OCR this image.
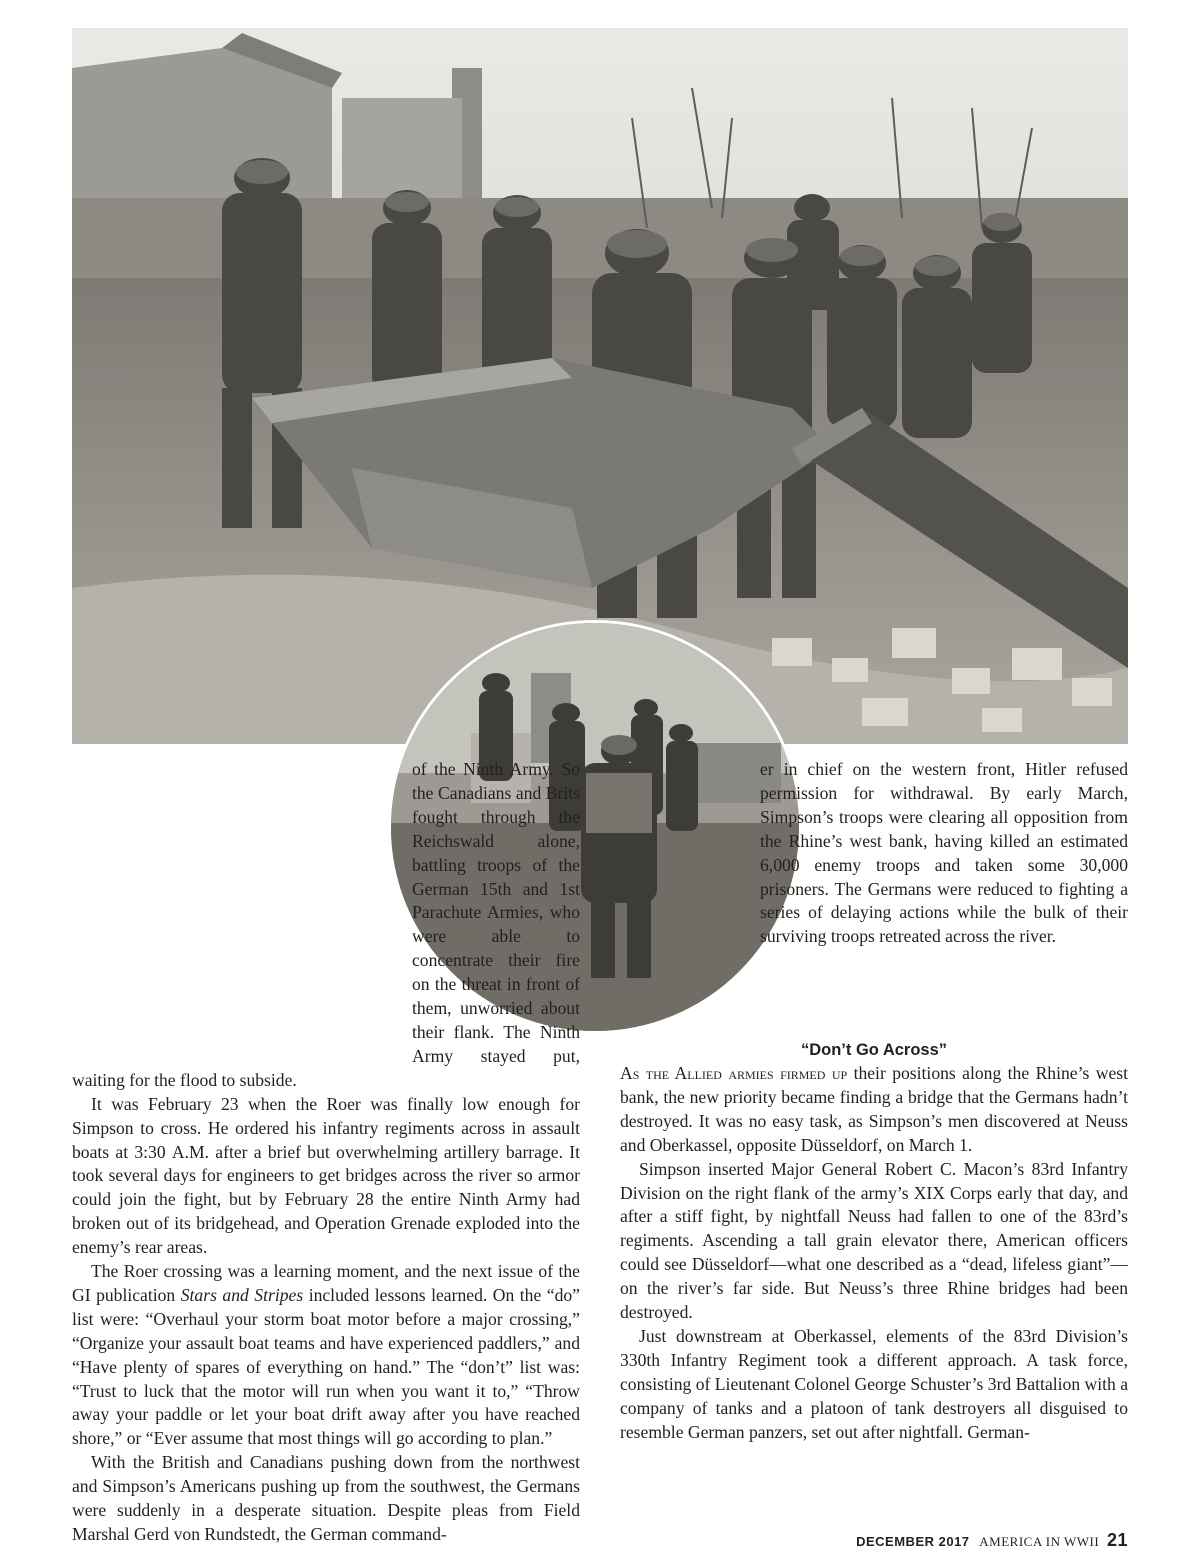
of the Ninth Army. So the Canadians and Brits fought through the Reichswald alone, battling troops of the German 15th and 1st Parachute Armies, who were able to concentrate their fire on the threat in front of them, unworried about their flank. The Ninth Army stayed put, waiting for the flood to subside.

It was February 23 when the Roer was finally low enough for Simpson to cross. He ordered his infantry regiments across in assault boats at 3:30 A.M. after a brief but overwhelming artillery barrage. It took several days for engineers to get bridges across the river so armor could join the fight, but by February 28 the entire Ninth Army had broken out of its bridgehead, and Operation Grenade exploded into the enemy’s rear areas.

The Roer crossing was a learning moment, and the next issue of the GI publication Stars and Stripes included lessons learned. On the “do” list were: “Overhaul your storm boat motor before a major crossing,” “Organize your assault boat teams and have experienced paddlers,” and “Have plenty of spares of everything on hand.” The “don’t” list was: “Trust to luck that the motor will run when you want it to,” “Throw away your paddle or let your boat drift away after you have reached shore,” or “Ever assume that most things will go according to plan.”

With the British and Canadians pushing down from the northwest and Simpson’s Americans pushing up from the southwest, the Germans were suddenly in a desperate situation. Despite pleas from Field Marshal Gerd von Rundstedt, the German command-

er in chief on the western front, Hitler refused permission for withdrawal. By early March, Simpson’s troops were clearing all opposition from the Rhine’s west bank, having killed an estimated 6,000 enemy troops and taken some 30,000 prisoners. The Germans were reduced to fighting a series of delaying actions while the bulk of their surviving troops retreated across the river.

“Don’t Go Across”

As the Allied armies firmed up their positions along the Rhine’s west bank, the new priority became finding a bridge that the Germans hadn’t destroyed. It was no easy task, as Simpson’s men discovered at Neuss and Oberkassel, opposite Düsseldorf, on March 1.

Simpson inserted Major General Robert C. Macon’s 83rd Infantry Division on the right flank of the army’s XIX Corps early that day, and after a stiff fight, by nightfall Neuss had fallen to one of the 83rd’s regiments. Ascending a tall grain elevator there, American officers could see Düsseldorf—what one described as a “dead, lifeless giant”—on the river’s far side. But Neuss’s three Rhine bridges had been destroyed.

Just downstream at Oberkassel, elements of the 83rd Division’s 330th Infantry Regiment took a different approach. A task force, consisting of Lieutenant Colonel George Schuster’s 3rd Battalion with a company of tanks and a platoon of tank destroyers all disguised to resemble German panzers, set out after nightfall. German-

DECEMBER 2017 AMERICA IN WWII 21
